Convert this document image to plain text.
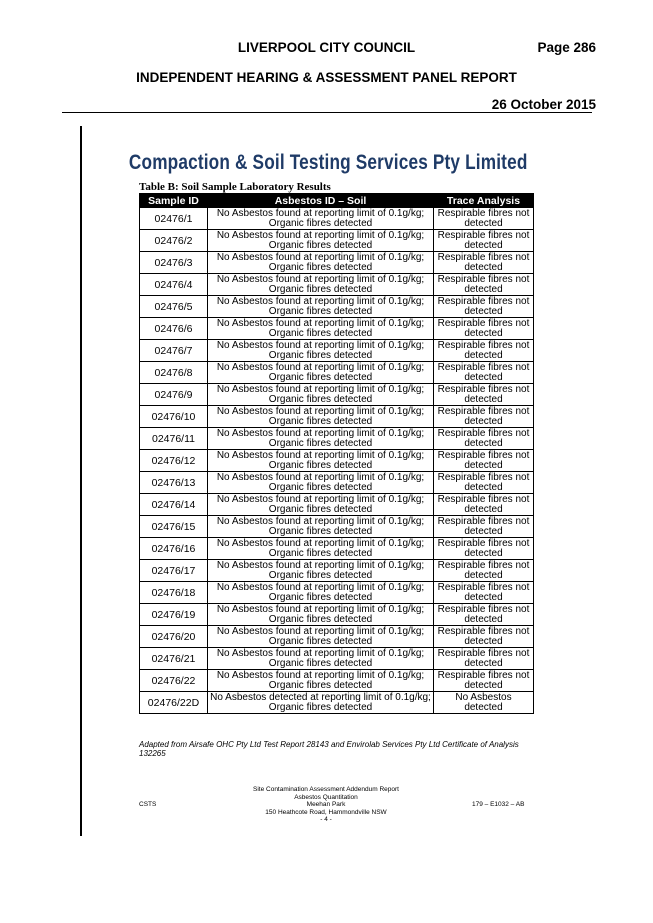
LIVERPOOL CITY COUNCIL	Page 286
INDEPENDENT HEARING & ASSESSMENT PANEL REPORT
26 October 2015
Compaction & Soil Testing Services Pty Limited
Table B: Soil Sample Laboratory Results
Sample ID	Asbestos ID – Soil	Trace Analysis
02476/1	No Asbestos found at reporting limit of 0.1g/kg; Organic fibres detected	Respirable fibres not detected
02476/2	No Asbestos found at reporting limit of 0.1g/kg; Organic fibres detected	Respirable fibres not detected
02476/3	No Asbestos found at reporting limit of 0.1g/kg; Organic fibres detected	Respirable fibres not detected
02476/4	No Asbestos found at reporting limit of 0.1g/kg; Organic fibres detected	Respirable fibres not detected
02476/5	No Asbestos found at reporting limit of 0.1g/kg; Organic fibres detected	Respirable fibres not detected
02476/6	No Asbestos found at reporting limit of 0.1g/kg; Organic fibres detected	Respirable fibres not detected
02476/7	No Asbestos found at reporting limit of 0.1g/kg; Organic fibres detected	Respirable fibres not detected
02476/8	No Asbestos found at reporting limit of 0.1g/kg; Organic fibres detected	Respirable fibres not detected
02476/9	No Asbestos found at reporting limit of 0.1g/kg; Organic fibres detected	Respirable fibres not detected
02476/10	No Asbestos found at reporting limit of 0.1g/kg; Organic fibres detected	Respirable fibres not detected
02476/11	No Asbestos found at reporting limit of 0.1g/kg; Organic fibres detected	Respirable fibres not detected
02476/12	No Asbestos found at reporting limit of 0.1g/kg; Organic fibres detected	Respirable fibres not detected
02476/13	No Asbestos found at reporting limit of 0.1g/kg; Organic fibres detected	Respirable fibres not detected
02476/14	No Asbestos found at reporting limit of 0.1g/kg; Organic fibres detected	Respirable fibres not detected
02476/15	No Asbestos found at reporting limit of 0.1g/kg; Organic fibres detected	Respirable fibres not detected
02476/16	No Asbestos found at reporting limit of 0.1g/kg; Organic fibres detected	Respirable fibres not detected
02476/17	No Asbestos found at reporting limit of 0.1g/kg; Organic fibres detected	Respirable fibres not detected
02476/18	No Asbestos found at reporting limit of 0.1g/kg; Organic fibres detected	Respirable fibres not detected
02476/19	No Asbestos found at reporting limit of 0.1g/kg; Organic fibres detected	Respirable fibres not detected
02476/20	No Asbestos found at reporting limit of 0.1g/kg; Organic fibres detected	Respirable fibres not detected
02476/21	No Asbestos found at reporting limit of 0.1g/kg; Organic fibres detected	Respirable fibres not detected
02476/22	No Asbestos found at reporting limit of 0.1g/kg; Organic fibres detected	Respirable fibres not detected
02476/22D	No Asbestos detected at reporting limit of 0.1g/kg; Organic fibres detected	No Asbestos detected
Adapted from Airsafe OHC Pty Ltd Test Report 28143 and Envirolab Services Pty Ltd Certificate of Analysis 132265
Site Contamination Assessment Addendum Report
Asbestos Quantitation
Meehan Park
150 Heathcote Road, Hammondville NSW
- 4 -
CSTS	179 – E1032 – AB
